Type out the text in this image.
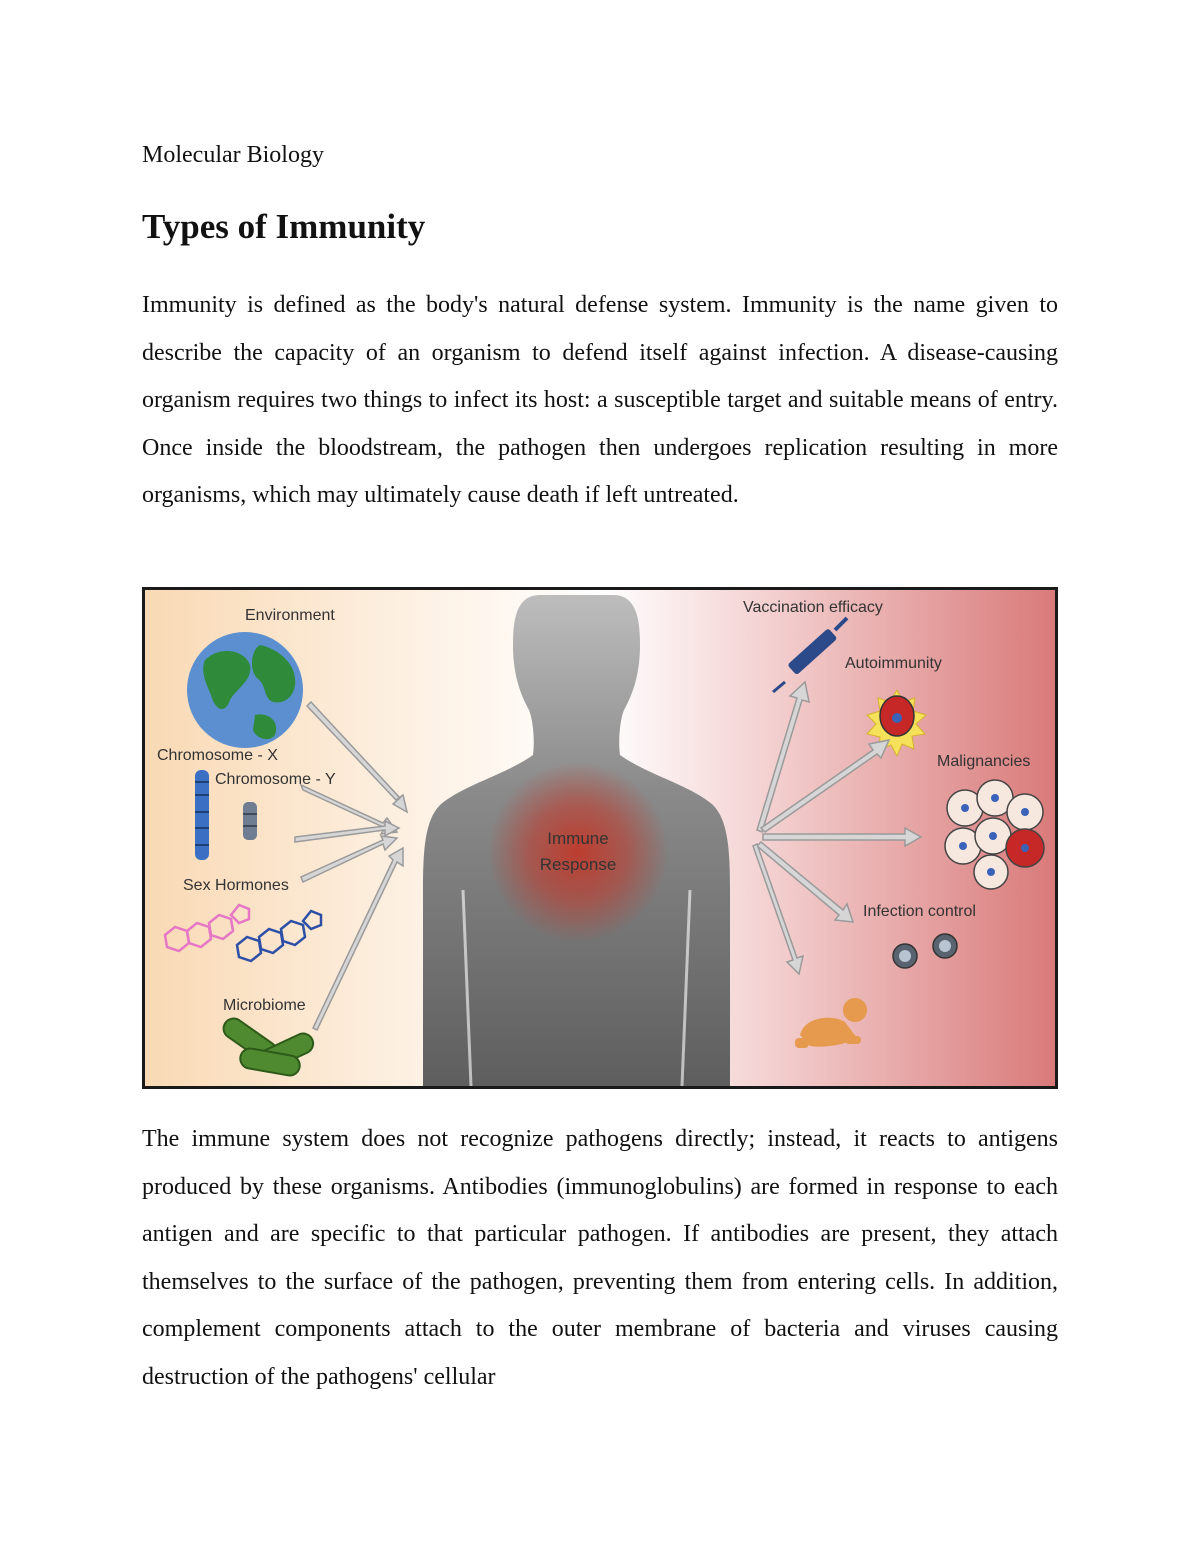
Molecular Biology

Types of Immunity

Immunity is defined as the body's natural defense system. Immunity is the name given to describe the capacity of an organism to defend itself against infection. A disease-causing organism requires two things to infect its host: a susceptible target and suitable means of entry. Once inside the bloodstream, the pathogen then undergoes replication resulting in more organisms, which may ultimately cause death if left untreated.

Immune
Response
Environment
Chromosome - X
Chromosome - Y
Sex Hormones
Microbiome
Vaccination efficacy
Autoimmunity
Malignancies
Infection control

The immune system does not recognize pathogens directly; instead, it reacts to antigens produced by these organisms. Antibodies (immunoglobulins) are formed in response to each antigen and are specific to that particular pathogen. If antibodies are present, they attach themselves to the surface of the pathogen, preventing them from entering cells. In addition, complement components attach to the outer membrane of bacteria and viruses causing destruction of the pathogens' cellular
